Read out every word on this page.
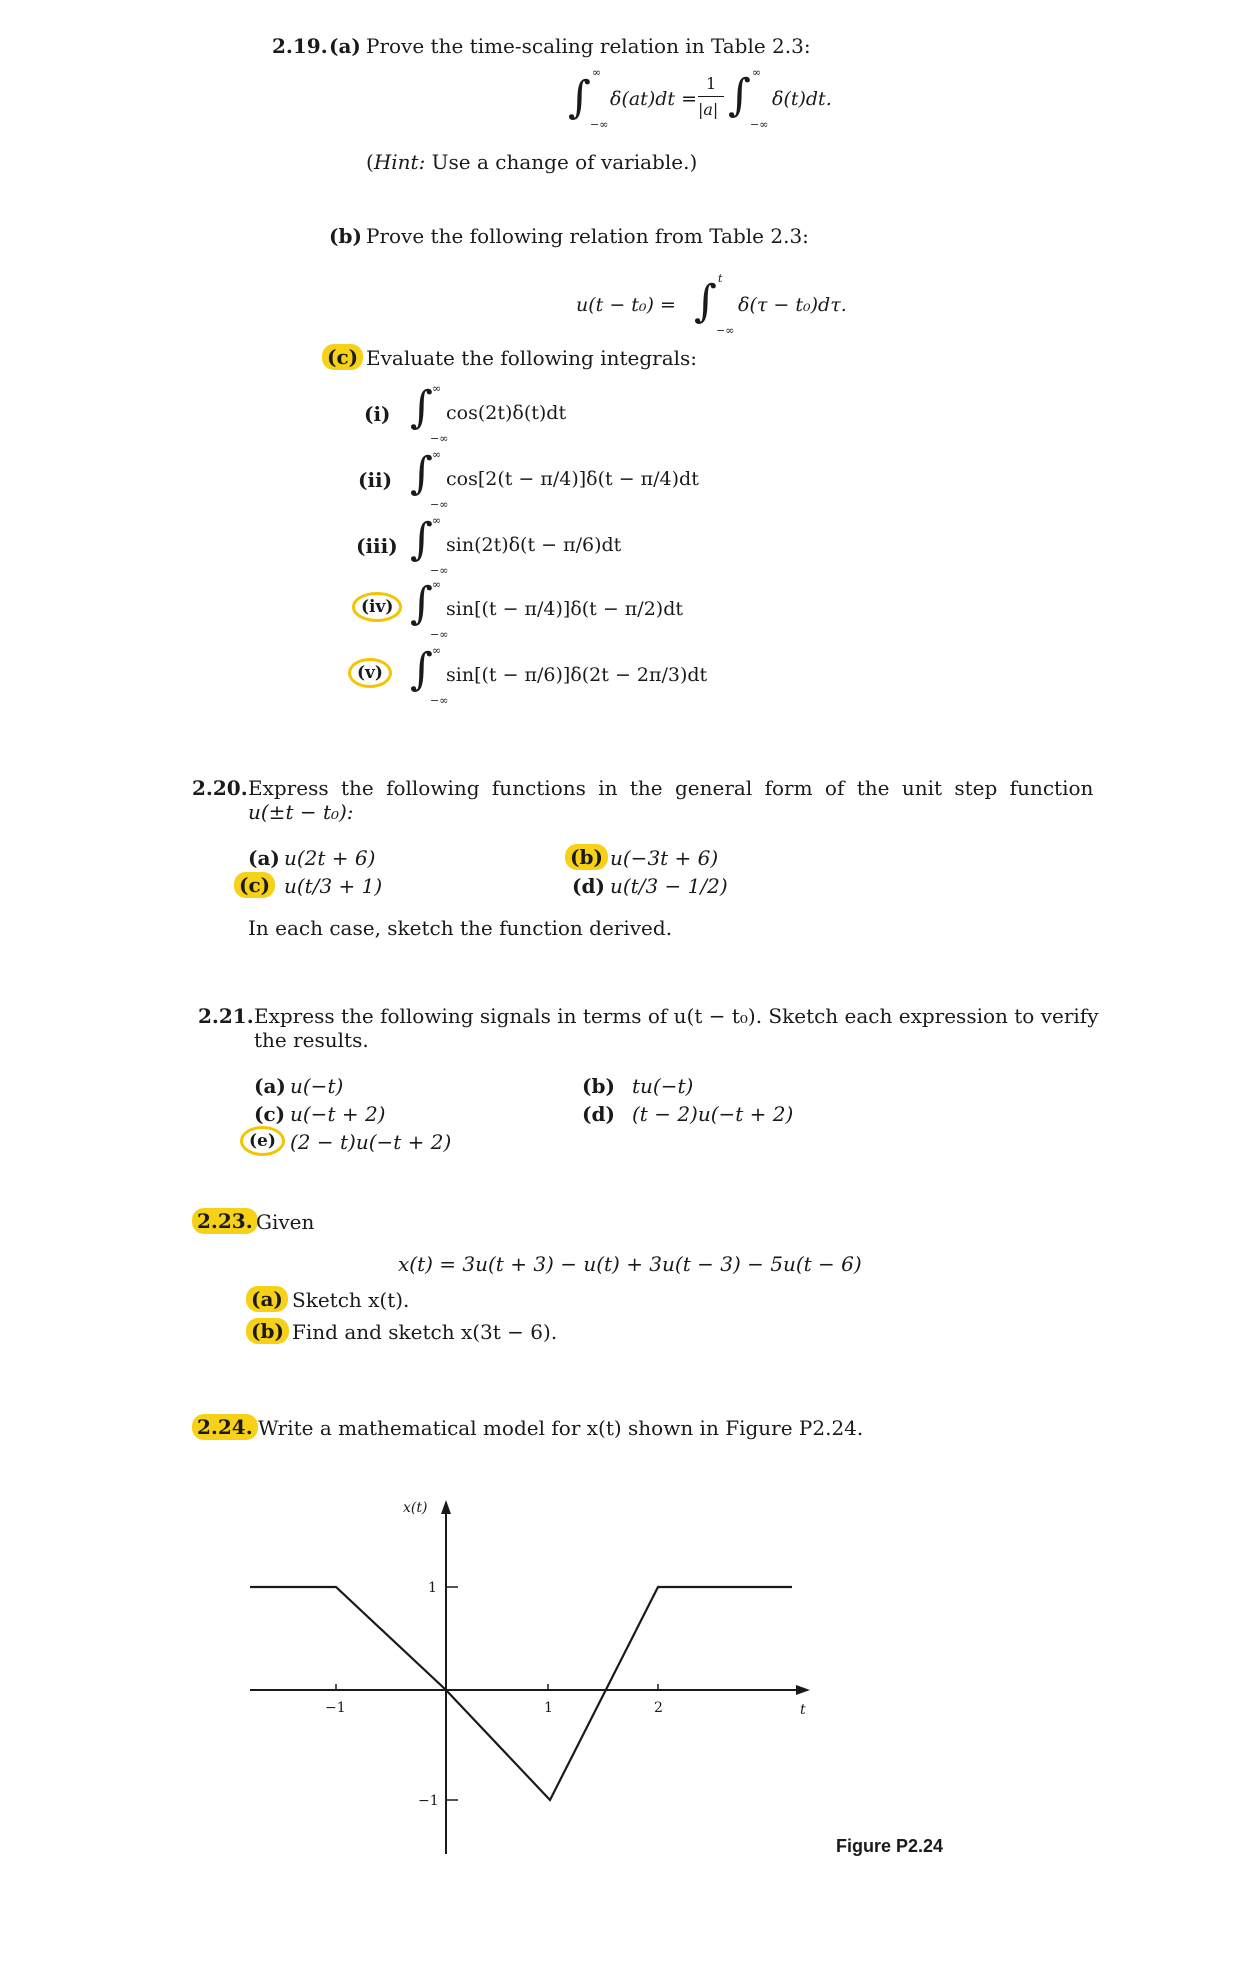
2.19. (a) Prove the time-scaling relation in Table 2.3:
∫ ∞
−∞
δ(at)dt =
1
|a| ∫ ∞
−∞
δ(t)dt.
(Hint: Use a change of variable.)
(b) Prove the following relation from Table 2.3:
u(t − t₀) = ∫ t
−∞
δ(τ − t₀)dτ.
(c) Evaluate the following integrals:
(i) ∫ ∞
−∞
cos(2t)δ(t)dt
(ii) ∫ ∞
−∞
cos[2(t − π/4)]δ(t − π/4)dt
(iii) ∫ ∞
−∞
sin(2t)δ(t − π/6)dt
(iv) ∫ ∞
−∞
sin[(t − π/4)]δ(t − π/2)dt
(v) ∫ ∞
−∞
sin[(t − π/6)]δ(2t − 2π/3)dt
2.20. Express the following functions in the general form of the unit step function
u(±t − t₀):
(a) u(2t + 6)	(b) u(−3t + 6)
(c) u(t/3 + 1)	(d) u(t/3 − 1/2)
In each case, sketch the function derived.
2.21. Express the following signals in terms of u(t − t₀). Sketch each expression to verify
the results.
(a) u(−t)	(b) tu(−t)
(c) u(−t + 2)	(d) (t − 2)u(−t + 2)
(e) (2 − t)u(−t + 2)
2.23. Given
x(t) = 3u(t + 3) − u(t) + 3u(t − 3) − 5u(t − 6)
(a) Sketch x(t).
(b) Find and sketch x(3t − 6).
2.24. Write a mathematical model for x(t) shown in Figure P2.24.
x(t)
t
−1	1	2
1
−1
Figure P2.24
